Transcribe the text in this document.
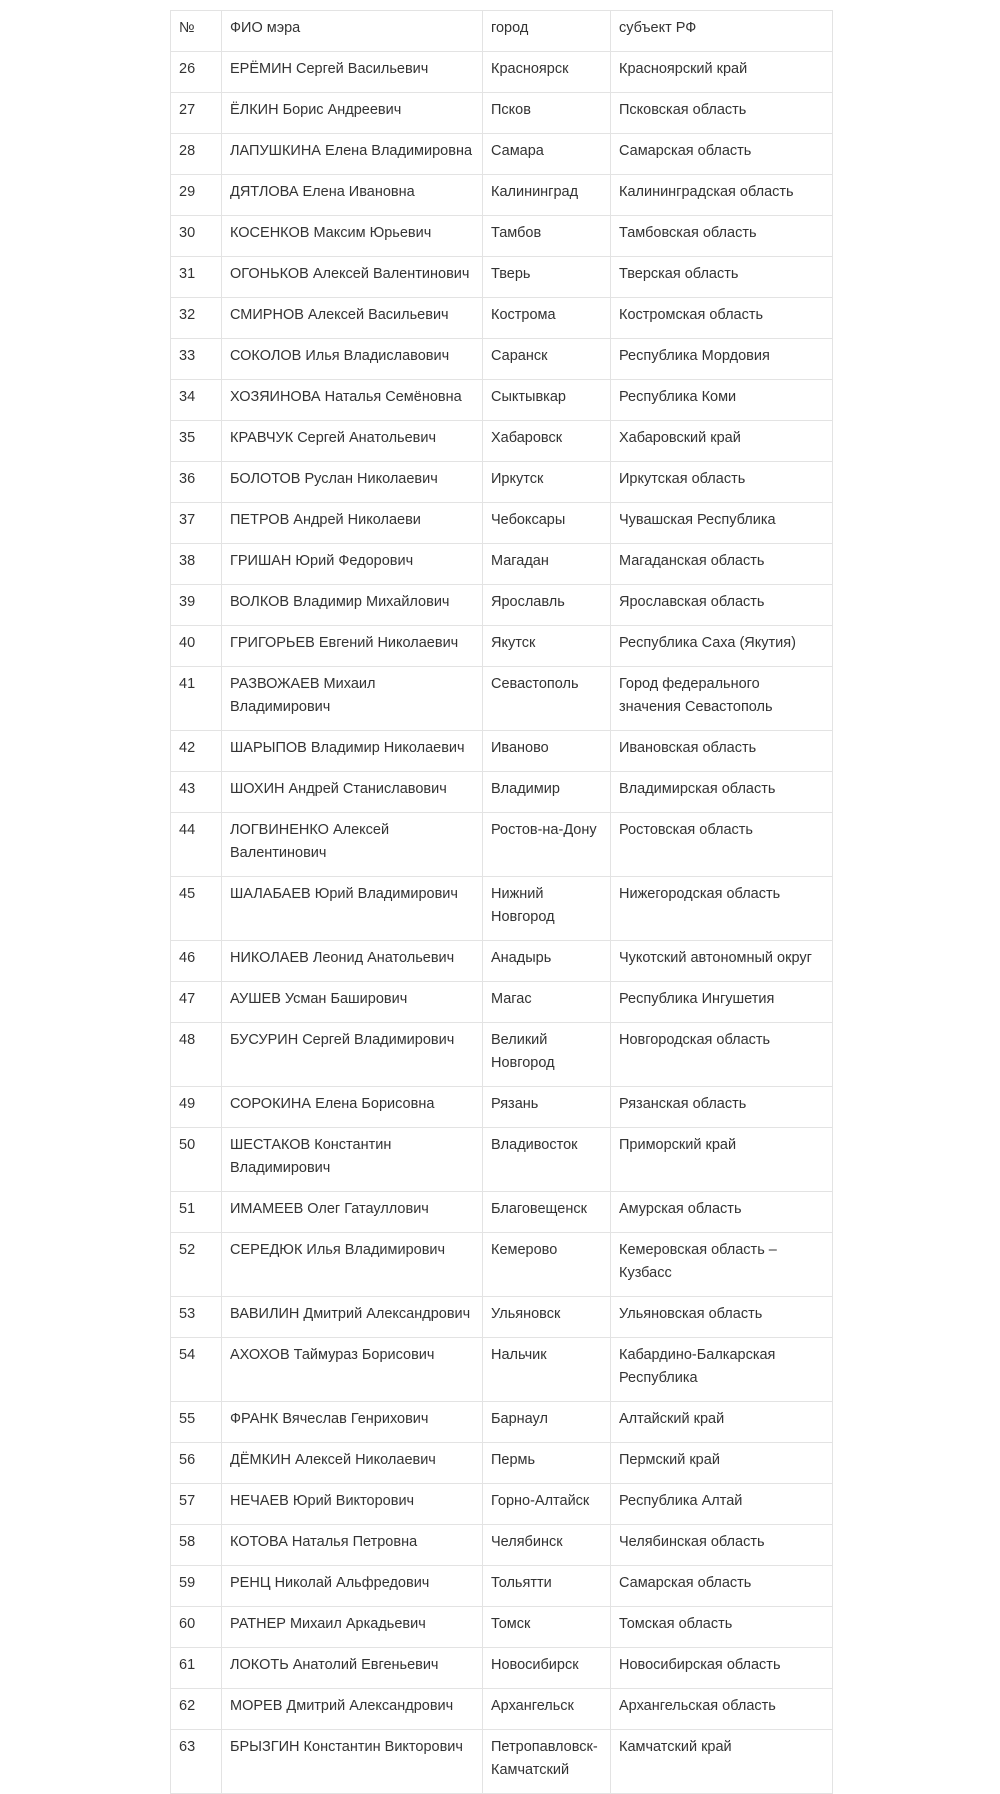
№	ФИО мэра	город	субъект РФ
26	ЕРЁМИН Сергей Васильевич	Красноярск	Красноярский край
27	ЁЛКИН Борис Андреевич	Псков	Псковская область
28	ЛАПУШКИНА Елена Владимировна	Самара	Самарская область
29	ДЯТЛОВА Елена Ивановна	Калининград	Калининградская область
30	КОСЕНКОВ Максим Юрьевич	Тамбов	Тамбовская область
31	ОГОНЬКОВ Алексей Валентинович	Тверь	Тверская область
32	СМИРНОВ Алексей Васильевич	Кострома	Костромская область
33	СОКОЛОВ Илья Владиславович	Саранск	Республика Мордовия
34	ХОЗЯИНОВА Наталья Семёновна	Сыктывкар	Республика Коми
35	КРАВЧУК Сергей Анатольевич	Хабаровск	Хабаровский край
36	БОЛОТОВ Руслан Николаевич	Иркутск	Иркутская область
37	ПЕТРОВ Андрей Николаеви	Чебоксары	Чувашская Республика
38	ГРИШАН Юрий Федорович	Магадан	Магаданская область
39	ВОЛКОВ Владимир Михайлович	Ярославль	Ярославская область
40	ГРИГОРЬЕВ Евгений Николаевич	Якутск	Республика Саха (Якутия)
41	РАЗВОЖАЕВ Михаил Владимирович	Севастополь	Город федерального значения Севастополь
42	ШАРЫПОВ Владимир Николаевич	Иваново	Ивановская область
43	ШОХИН Андрей Станиславович	Владимир	Владимирская область
44	ЛОГВИНЕНКО Алексей Валентинович	Ростов-на-Дону	Ростовская область
45	ШАЛАБАЕВ Юрий Владимирович	Нижний Новгород	Нижегородская область
46	НИКОЛАЕВ Леонид Анатольевич	Анадырь	Чукотский автономный округ
47	АУШЕВ Усман Баширович	Магас	Республика Ингушетия
48	БУСУРИН Сергей Владимирович	Великий Новгород	Новгородская область
49	СОРОКИНА Елена Борисовна	Рязань	Рязанская область
50	ШЕСТАКОВ Константин Владимирович	Владивосток	Приморский край
51	ИМАМЕЕВ Олег Гатауллович	Благовещенск	Амурская область
52	СЕРЕДЮК Илья Владимирович	Кемерово	Кемеровская область – Кузбасс
53	ВАВИЛИН Дмитрий Александрович	Ульяновск	Ульяновская область
54	АХОХОВ Таймураз Борисович	Нальчик	Кабардино-Балкарская Республика
55	ФРАНК Вячеслав Генрихович	Барнаул	Алтайский край
56	ДЁМКИН Алексей Николаевич	Пермь	Пермский край
57	НЕЧАЕВ Юрий Викторович	Горно-Алтайск	Республика Алтай
58	КОТОВА Наталья Петровна	Челябинск	Челябинская область
59	РЕНЦ Николай Альфредович	Тольятти	Самарская область
60	РАТНЕР Михаил Аркадьевич	Томск	Томская область
61	ЛОКОТЬ Анатолий Евгеньевич	Новосибирск	Новосибирская область
62	МОРЕВ Дмитрий Александрович	Архангельск	Архангельская область
63	БРЫЗГИН Константин Викторович	Петропавловск-Камчатский	Камчатский край
